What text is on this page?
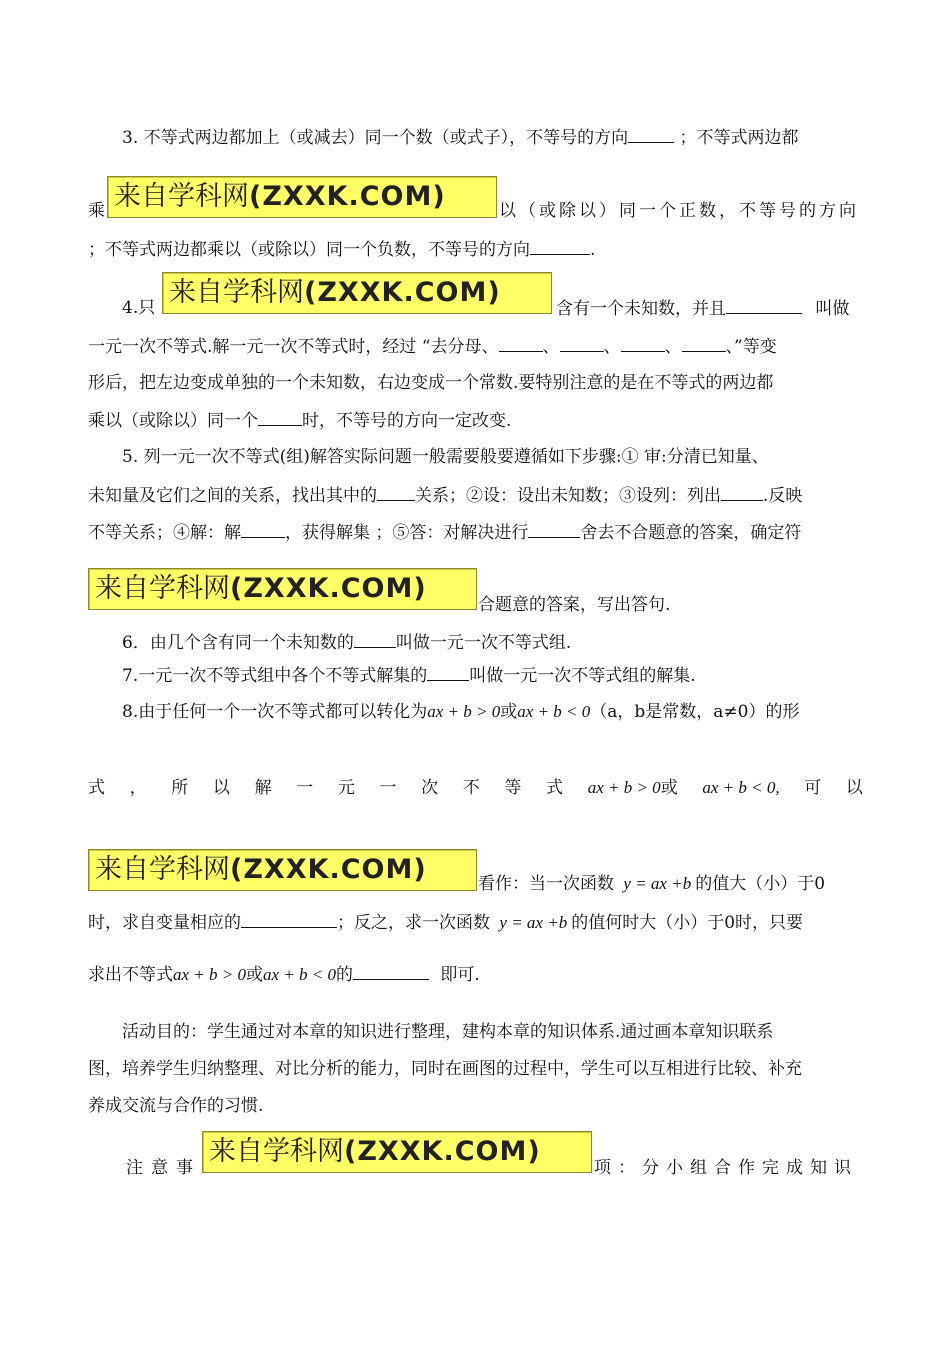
3. 不等式两边都加上（或减去）同一个数（或式子），不等号的方向	；不等式两边都
来自学科网(ZXXK.COM)
乘	以（或除以）同一个正数，不等号的方向
；不等式两边都乘以（或除以）同一个负数，不等号的方向	.
4.只 来自学科网(ZXXK.COM)
含有一个未知数，并且	叫做
一元一次不等式.解一元一次不等式时，经过 “去分母、	、	、	、	、”等变
形后，把左边变成单独的一个未知数，右边变成一个常数.要特别注意的是在不等式的两边都
乘以（或除以）同一个	时，不等号的方向一定改变.
5. 列一元一次不等式(组)解答实际问题一般需要般要遵循如下步骤:① 审:分清已知量、
未知量及它们之间的关系，找出其中的 关系；②设：设出未知数；③设列：列出 .反映
不等关系；④解：解	，获得解集 ；⑤答：对解决进行	舍去不合题意的答案，确定符
来自学科网(ZXXK.COM)
合题意的答案，写出答句.
6．由几个含有同一个未知数的 叫做一元一次不等式组.
7.一元一次不等式组中各个不等式解集的 叫做一元一次不等式组的解集.
8.由于任何一个一次不等式都可以转化为ax + b > 0或ax + b < 0（a，b是常数，a≠0）的形
式 ， 所 以 解 一 元 一 次 不 等 式 ax + b > 0或 ax + b < 0, 可 以
来自学科网(ZXXK.COM)	看作：当一次函数 y = ax +b 的值大（小）于0
时，求自变量相应的	；反之，求一次函数 y = ax +b 的值何时大（小）于0时，只要
求出不等式ax + b > 0或ax + b < 0的	即可.
活动目的：学生通过对本章的知识进行整理，建构本章的知识体系.通过画本章知识联系
图，培养学生归纳整理、对比分析的能力，同时在画图的过程中，学生可以互相进行比较、补充
养成交流与合作的习惯.
注意事
来自学科网(ZXXK.COM)
项：分小组合作完成知识
